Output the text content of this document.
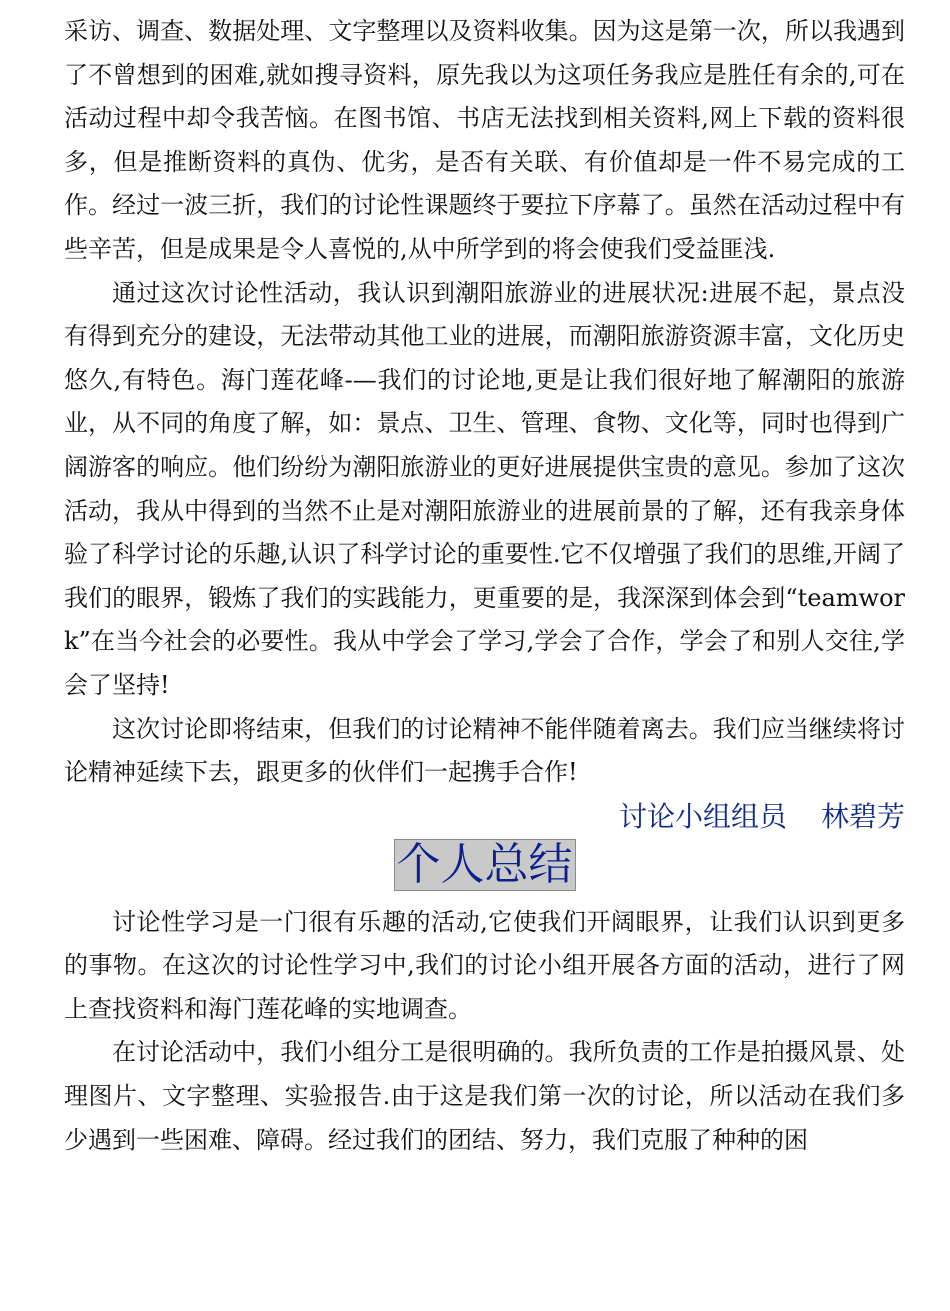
采访、调查、数据处理、文字整理以及资料收集。因为这是第一次，所以我遇到了不曾想到的困难,就如搜寻资料，原先我以为这项任务我应是胜任有余的,可在活动过程中却令我苦恼。在图书馆、书店无法找到相关资料,网上下载的资料很多，但是推断资料的真伪、优劣，是否有关联、有价值却是一件不易完成的工作。经过一波三折，我们的讨论性课题终于要拉下序幕了。虽然在活动过程中有些辛苦，但是成果是令人喜悦的,从中所学到的将会使我们受益匪浅.

通过这次讨论性活动，我认识到潮阳旅游业的进展状况:进展不起，景点没有得到充分的建设，无法带动其他工业的进展，而潮阳旅游资源丰富，文化历史悠久,有特色。海门莲花峰-—我们的讨论地,更是让我们很好地了解潮阳的旅游业，从不同的角度了解，如：景点、卫生、管理、食物、文化等，同时也得到广阔游客的响应。他们纷纷为潮阳旅游业的更好进展提供宝贵的意见。参加了这次活动，我从中得到的当然不止是对潮阳旅游业的进展前景的了解，还有我亲身体验了科学讨论的乐趣,认识了科学讨论的重要性.它不仅增强了我们的思维,开阔了我们的眼界，锻炼了我们的实践能力，更重要的是，我深深到体会到“teamwork”在当今社会的必要性。我从中学会了学习,学会了合作，学会了和别人交往,学会了坚持!

这次讨论即将结束，但我们的讨论精神不能伴随着离去。我们应当继续将讨论精神延续下去，跟更多的伙伴们一起携手合作!

讨论小组组员 林碧芳

个人总结

讨论性学习是一门很有乐趣的活动,它使我们开阔眼界，让我们认识到更多的事物。在这次的讨论性学习中,我们的讨论小组开展各方面的活动，进行了网上查找资料和海门莲花峰的实地调查。

在讨论活动中，我们小组分工是很明确的。我所负责的工作是拍摄风景、处理图片、文字整理、实验报告.由于这是我们第一次的讨论，所以活动在我们多少遇到一些困难、障碍。经过我们的团结、努力，我们克服了种种的困
